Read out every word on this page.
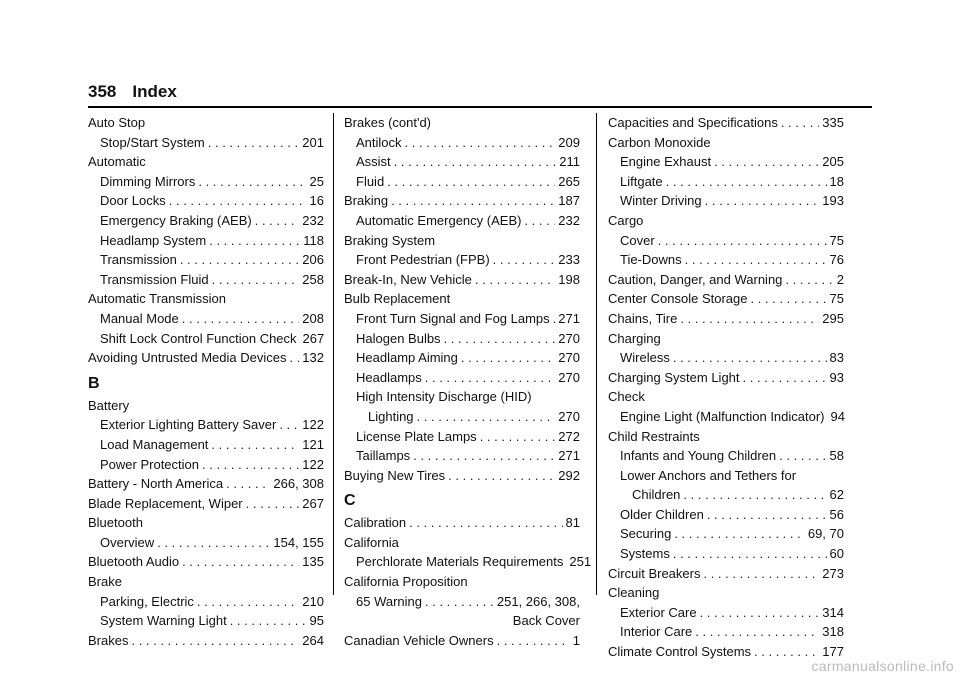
358 Index
Auto Stop
Stop/Start System . . .	201
Automatic
Dimming Mirrors . . .	25
Door Locks . . .	16
Emergency Braking (AEB) . . .	232
Headlamp System . . .	118
Transmission . . .	206
Transmission Fluid . . .	258
Automatic Transmission
Manual Mode . . .	208
Shift Lock Control Function Check 267
Avoiding Untrusted Media Devices . . . 132
B
Battery
Exterior Lighting Battery Saver . . . 122
Load Management . . .	121
Power Protection . . .	122
Battery - North America . . .	266, 308
Blade Replacement, Wiper . . .	267
Bluetooth
Overview . . .	154, 155
Bluetooth Audio . . .	135
Brake
Parking, Electric . . .	210
System Warning Light . . .	95
Brakes . . .	264
Brakes (cont'd)
Antilock . . .	209
Assist . . .	211
Fluid . . .	265
Braking . . .	187
Automatic Emergency (AEB) . . .	232
Braking System
Front Pedestrian (FPB) . . .	233
Break-In, New Vehicle . . .	198
Bulb Replacement
Front Turn Signal and Fog Lamps . . . 271
Halogen Bulbs . . .	270
Headlamp Aiming . . .	270
Headlamps . . .	270
High Intensity Discharge (HID)
Lighting . . .	270
License Plate Lamps . . .	272
Taillamps . . .	271
Buying New Tires . . .	292
C
Calibration . . .	81
California
Perchlorate Materials Requirements 251
California Proposition
65 Warning . . .	251, 266, 308,
Back Cover
Canadian Vehicle Owners . . .	1
Capacities and Specifications . . .	335
Carbon Monoxide
Engine Exhaust . . .	205
Liftgate . . .	18
Winter Driving . . .	193
Cargo
Cover . . .	75
Tie-Downs . . .	76
Caution, Danger, and Warning . . .	2
Center Console Storage . . .	75
Chains, Tire . . .	295
Charging
Wireless . . .	83
Charging System Light . . .	93
Check
Engine Light (Malfunction Indicator) 94
Child Restraints
Infants and Young Children . . .	58
Lower Anchors and Tethers for
Children . . .	62
Older Children . . .	56
Securing . . .	69, 70
Systems . . .	60
Circuit Breakers . . .	273
Cleaning
Exterior Care . . .	314
Interior Care . . .	318
Climate Control Systems . . .	177
carmanualsonline.info
